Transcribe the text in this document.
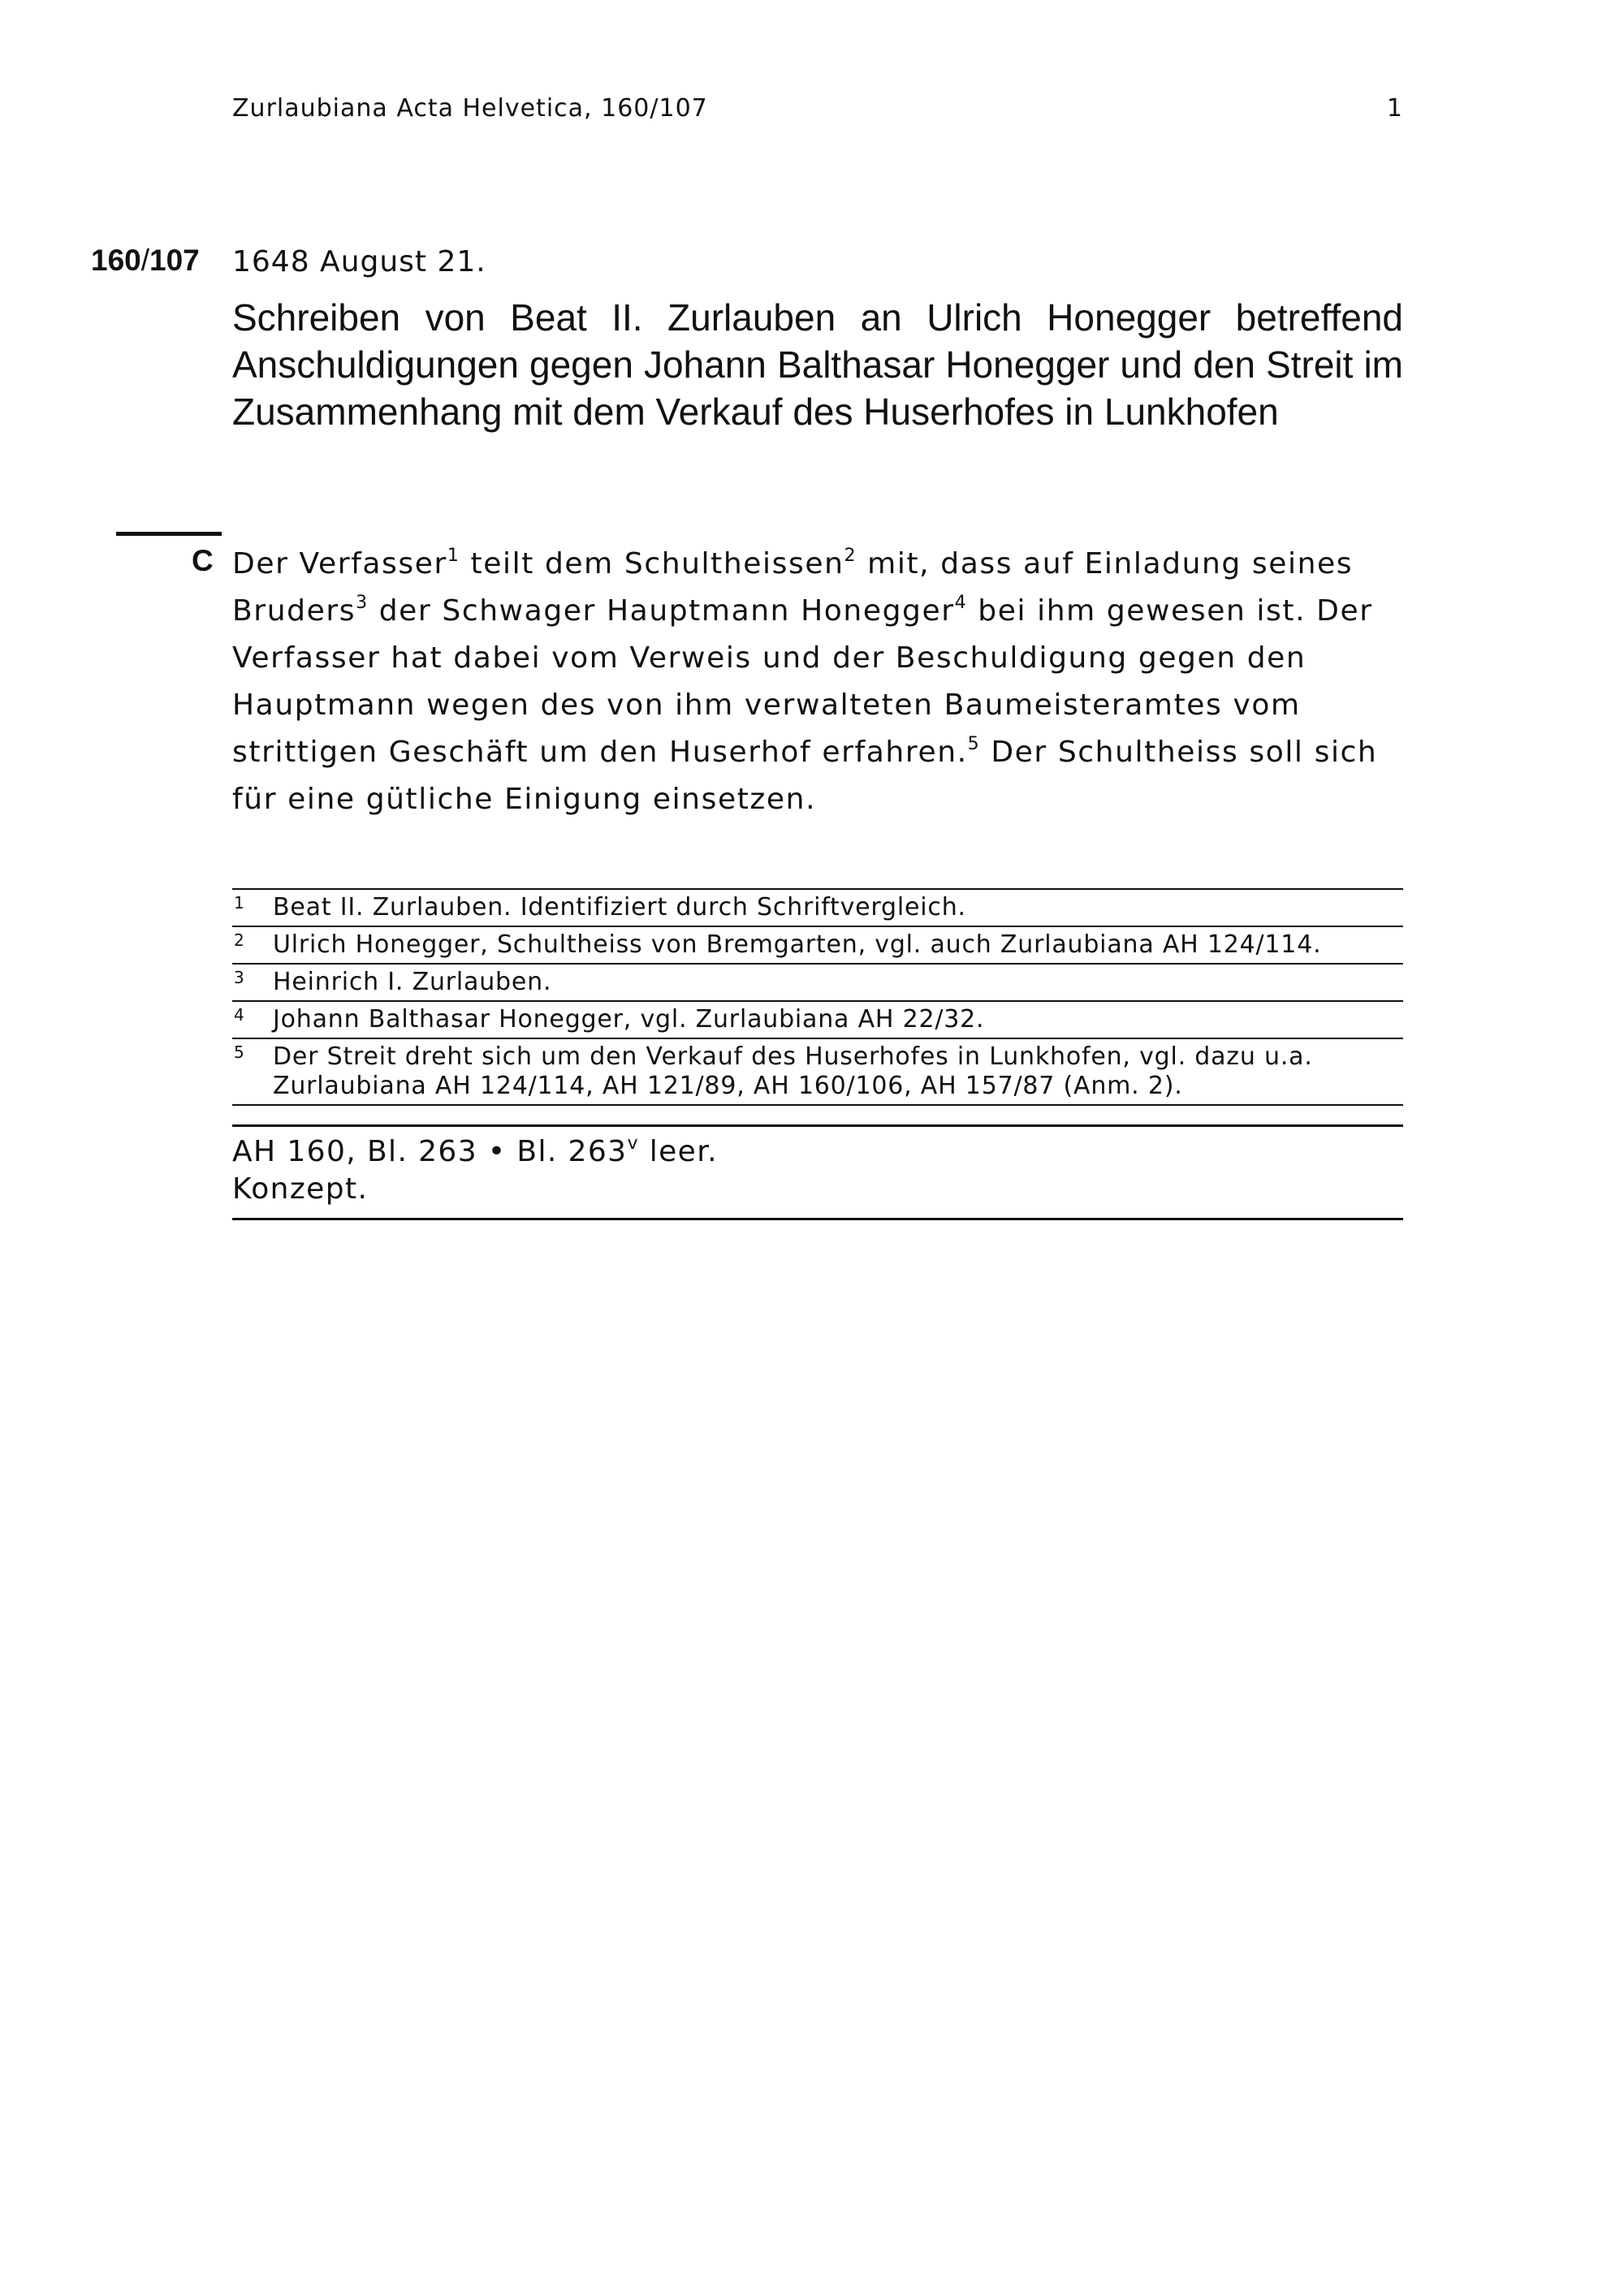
Zurlaubiana Acta Helvetica, 160/107	1
160/107 1648 August 21.
Schreiben von Beat II. Zurlauben an Ulrich Honegger betreffend Anschuldigungen gegen Johann Balthasar Honegger und den Streit im Zusammenhang mit dem Verkauf des Huserhofes in Lunkhofen
C Der Verfasser$^1$ teilt dem Schultheissen$^2$ mit, dass auf Einladung seines Bruders$^3$ der Schwager Hauptmann Honegger$^4$ bei ihm gewesen ist. Der Verfasser hat dabei vom Verweis und der Beschuldigung gegen den Hauptmann wegen des von ihm verwalteten Baumeisteramtes vom strittigen Geschäft um den Huserhof erfahren.$^5$ Der Schultheiss soll sich für eine gütliche Einigung einsetzen.
1 Beat II. Zurlauben. Identifiziert durch Schriftvergleich.
2 Ulrich Honegger, Schultheiss von Bremgarten, vgl. auch Zurlaubiana AH 124/114.
3 Heinrich I. Zurlauben.
4 Johann Balthasar Honegger, vgl. Zurlaubiana AH 22/32.
5 Der Streit dreht sich um den Verkauf des Huserhofes in Lunkhofen, vgl. dazu u.a. Zurlaubiana AH 124/114, AH 121/89, AH 160/106, AH 157/87 (Anm. 2).
AH 160, Bl. 263 • Bl. 263$^v$ leer.
Konzept.
